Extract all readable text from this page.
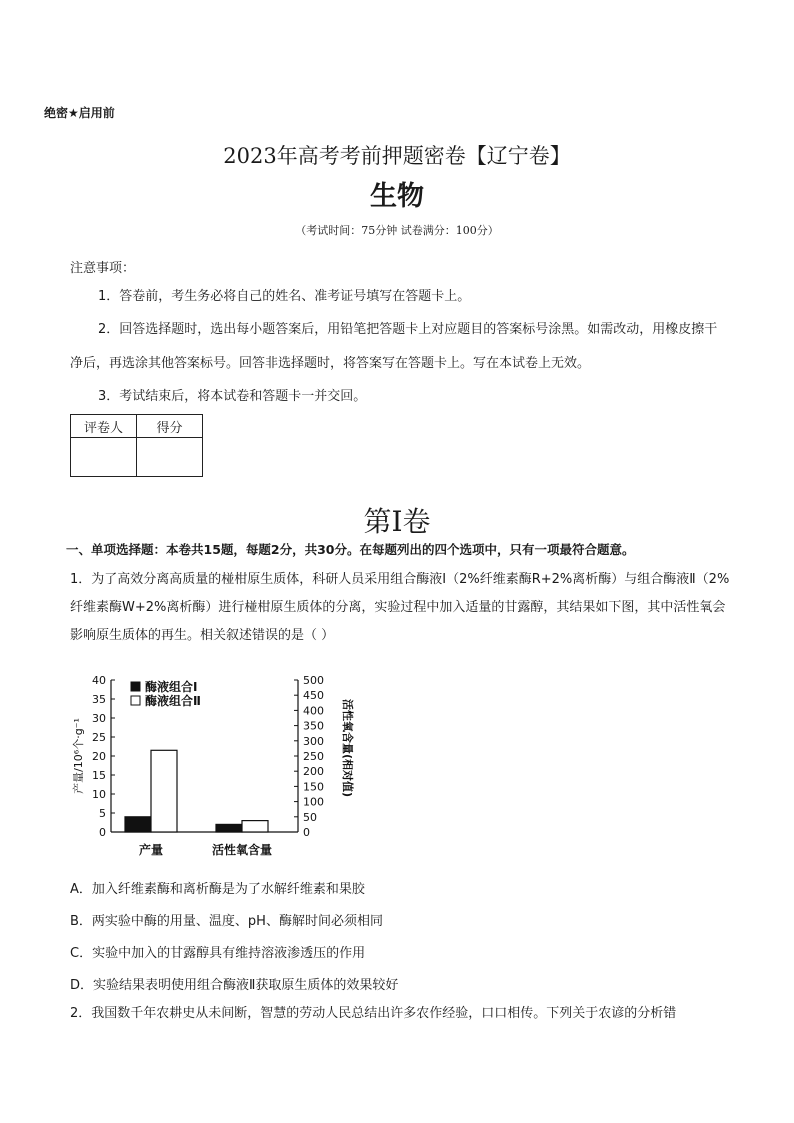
绝密★启用前
2023年高考考前押题密卷【辽宁卷】
生物
（考试时间：75分钟 试卷满分：100分）
注意事项：
1．答卷前，考生务必将自己的姓名、准考证号填写在答题卡上。
2．回答选择题时，选出每小题答案后，用铅笔把答题卡上对应题目的答案标号涂黑。如需改动，用橡皮擦干净后，再选涂其他答案标号。回答非选择题时，将答案写在答题卡上。写在本试卷上无效。
3．考试结束后，将本试卷和答题卡一并交回。
评卷人	得分

第Ⅰ卷
一、单项选择题：本卷共15题，每题2分，共30分。在每题列出的四个选项中，只有一项最符合题意。
1．为了高效分离高质量的椪柑原生质体，科研人员采用组合酶液Ⅰ（2%纤维素酶R+2%离析酶）与组合酶液Ⅱ（2%纤维素酶W+2%离析酶）进行椪柑原生质体的分离，实验过程中加入适量的甘露醇，其结果如下图，其中活性氧会影响原生质体的再生。相关叙述错误的是（ ）
0
5
10
15
20
25
30
35
40
0
50
100
150
200
250
300
350
400
450
500
产量/10⁶个·g⁻¹	活性氧含量(相对值)
产量	活性氧含量
酶液组合Ⅰ
酶液组合Ⅱ
A．加入纤维素酶和离析酶是为了水解纤维素和果胶
B．两实验中酶的用量、温度、pH、酶解时间必须相同
C．实验中加入的甘露醇具有维持溶液渗透压的作用
D．实验结果表明使用组合酶液Ⅱ获取原生质体的效果较好
2．我国数千年农耕史从未间断，智慧的劳动人民总结出许多农作经验，口口相传。下列关于农谚的分析错
